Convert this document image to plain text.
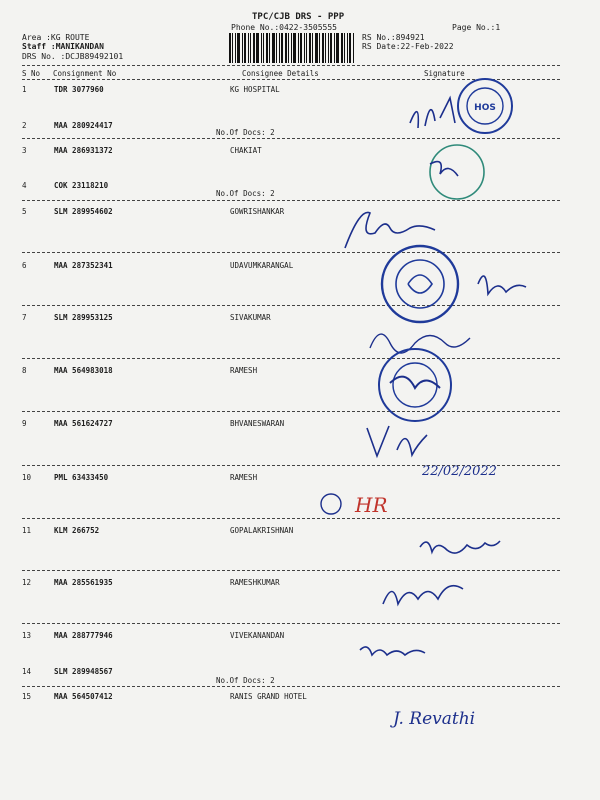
TPC/CJB DRS - PPP
Phone No.:0422-3505555	Page No.:1
Area :KG ROUTE
Staff :MANIKANDAN
DRS No. :DCJB89492101
RS No.:894921
RS Date:22-Feb-2022
S No Consignment No	Consignee Details	Signature
1	TDR 3077960	KG HOSPITAL
2	MAA 280924417
No.Of Docs: 2
3	MAA 286931372	CHAKIAT
4	COK 23118210
No.Of Docs: 2
5	SLM 289954602	GOWRISHANKAR
6	MAA 287352341	UDAVUMKARANGAL
7	SLM 289953125	SIVAKUMAR
8	MAA 564983018	RAMESH
9	MAA 561624727	BHVANESWARAN
10	PML 63433450	RAMESH
11	KLM 266752	GOPALAKRISHNAN
12	MAA 285561935	RAMESHKUMAR
13	MAA 288777946	VIVEKANANDAN
14	SLM 289948567
No.Of Docs: 2
15	MAA 564507412	RANIS GRAND HOTEL
HOS
22/02/2022
HR
J. Revathi
